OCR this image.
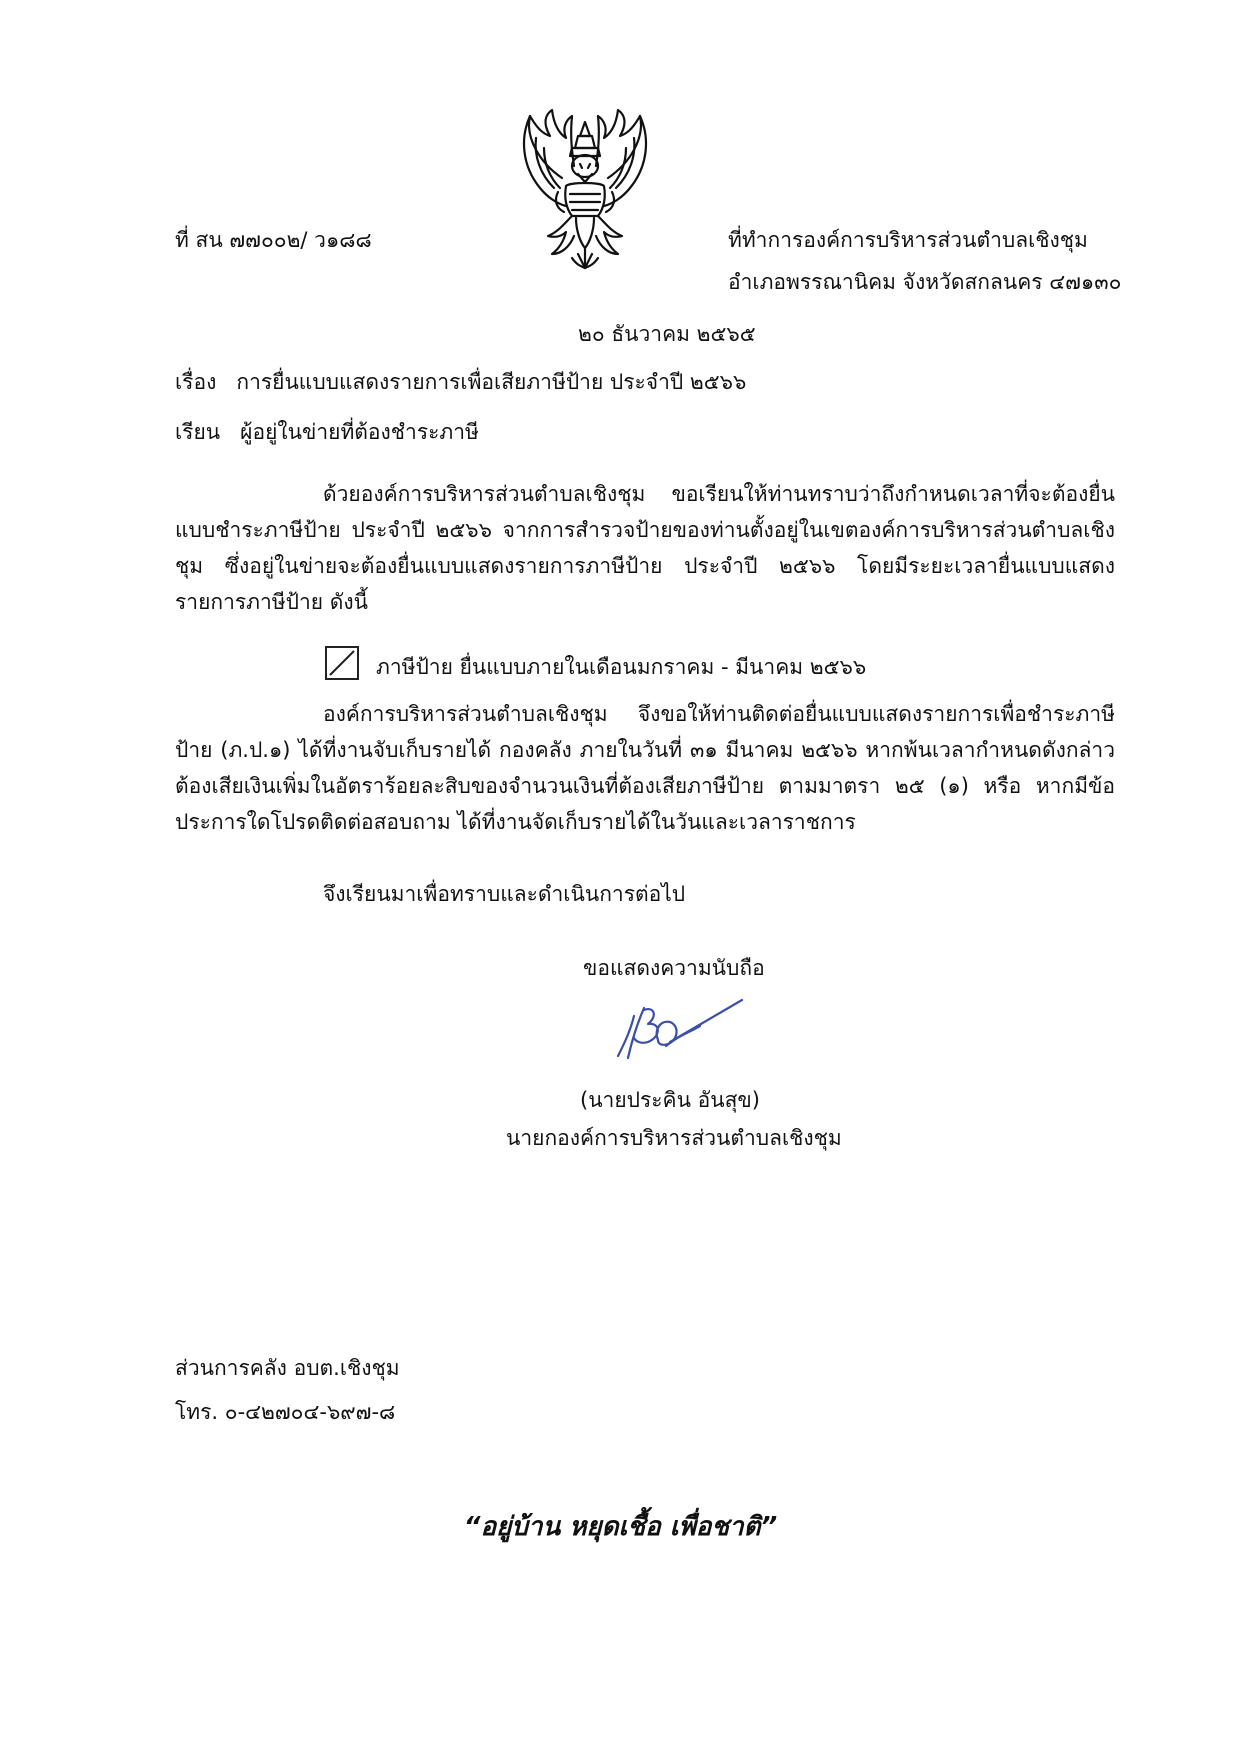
ที่ สน ๗๗๐๐๒/ ว๑๘๘	ที่ทำการองค์การบริหารส่วนตำบลเชิงชุม
อำเภอพรรณานิคม จังหวัดสกลนคร ๔๗๑๓๐
๒๐ ธันวาคม ๒๕๖๕
เรื่อง การยื่นแบบแสดงรายการเพื่อเสียภาษีป้าย ประจำปี ๒๕๖๖
เรียน ผู้อยู่ในข่ายที่ต้องชำระภาษี
ด้วยองค์การบริหารส่วนตำบลเชิงชุม ขอเรียนให้ท่านทราบว่าถึงกำหนดเวลาที่จะต้องยื่นแบบชำระภาษีป้าย ประจำปี ๒๕๖๖ จากการสำรวจป้ายของท่านตั้งอยู่ในเขตองค์การบริหารส่วนตำบลเชิงชุม ซึ่งอยู่ในข่ายจะต้องยื่นแบบแสดงรายการภาษีป้าย ประจำปี ๒๕๖๖ โดยมีระยะเวลายื่นแบบแสดงรายการภาษีป้าย ดังนี้
ภาษีป้าย ยื่นแบบภายในเดือนมกราคม - มีนาคม ๒๕๖๖
องค์การบริหารส่วนตำบลเชิงชุม จึงขอให้ท่านติดต่อยื่นแบบแสดงรายการเพื่อชำระภาษีป้าย (ภ.ป.๑) ได้ที่งานจับเก็บรายได้ กองคลัง ภายในวันที่ ๓๑ มีนาคม ๒๕๖๖ หากพ้นเวลากำหนดดังกล่าวต้องเสียเงินเพิ่มในอัตราร้อยละสิบของจำนวนเงินที่ต้องเสียภาษีป้าย ตามมาตรา ๒๕ (๑) หรือ หากมีข้อประการใดโปรดติดต่อสอบถาม ได้ที่งานจัดเก็บรายได้ในวันและเวลาราชการ
จึงเรียนมาเพื่อทราบและดำเนินการต่อไป
ขอแสดงความนับถือ
(นายประคิน อันสุข)
นายกองค์การบริหารส่วนตำบลเชิงชุม
ส่วนการคลัง อบต.เชิงชุม
โทร. ๐-๔๒๗๐๔-๖๙๗-๘
“อยู่บ้าน หยุดเชื้อ เพื่อชาติ”
